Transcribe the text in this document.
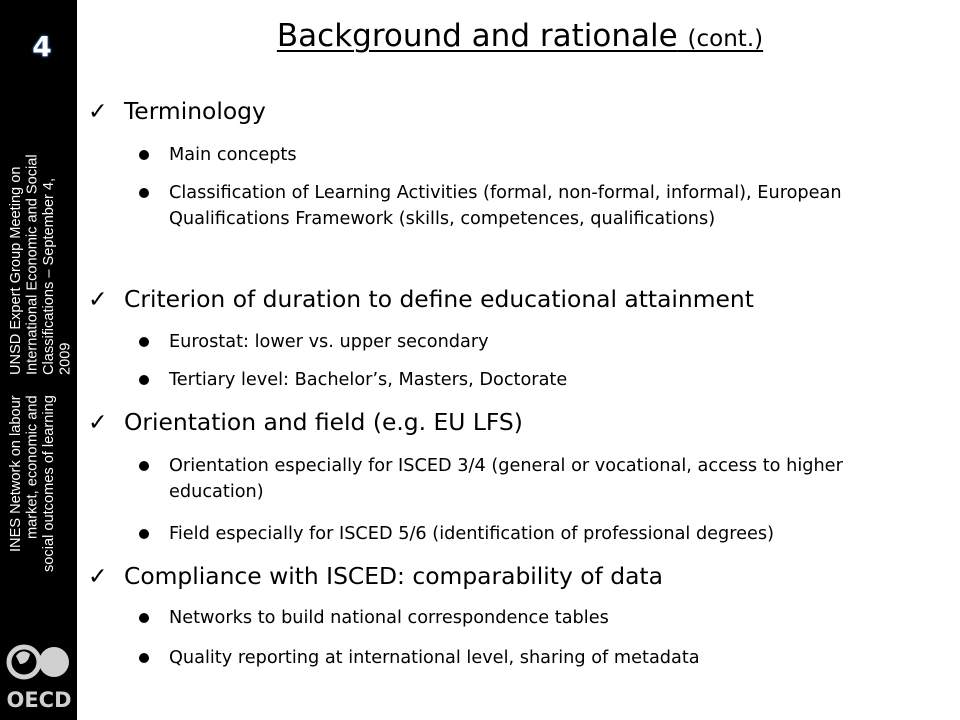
4
UNSD Expert Group Meeting on
International Economic and Social
Classifications – September 4,
2009
INES Network on labour
market, economic and
social outcomes of learning
OECD
Background and rationale (cont.)
✓ Terminology
Main concepts
Classification of Learning Activities (formal, non-formal, informal), European Qualifications Framework (skills, competences, qualifications)
✓ Criterion of duration to define educational attainment
Eurostat: lower vs. upper secondary
Tertiary level: Bachelor’s, Masters, Doctorate
✓ Orientation and field (e.g. EU LFS)
Orientation especially for ISCED 3/4 (general or vocational, access to higher education)
Field especially for ISCED 5/6 (identification of professional degrees)
✓ Compliance with ISCED: comparability of data
Networks to build national correspondence tables
Quality reporting at international level, sharing of metadata
